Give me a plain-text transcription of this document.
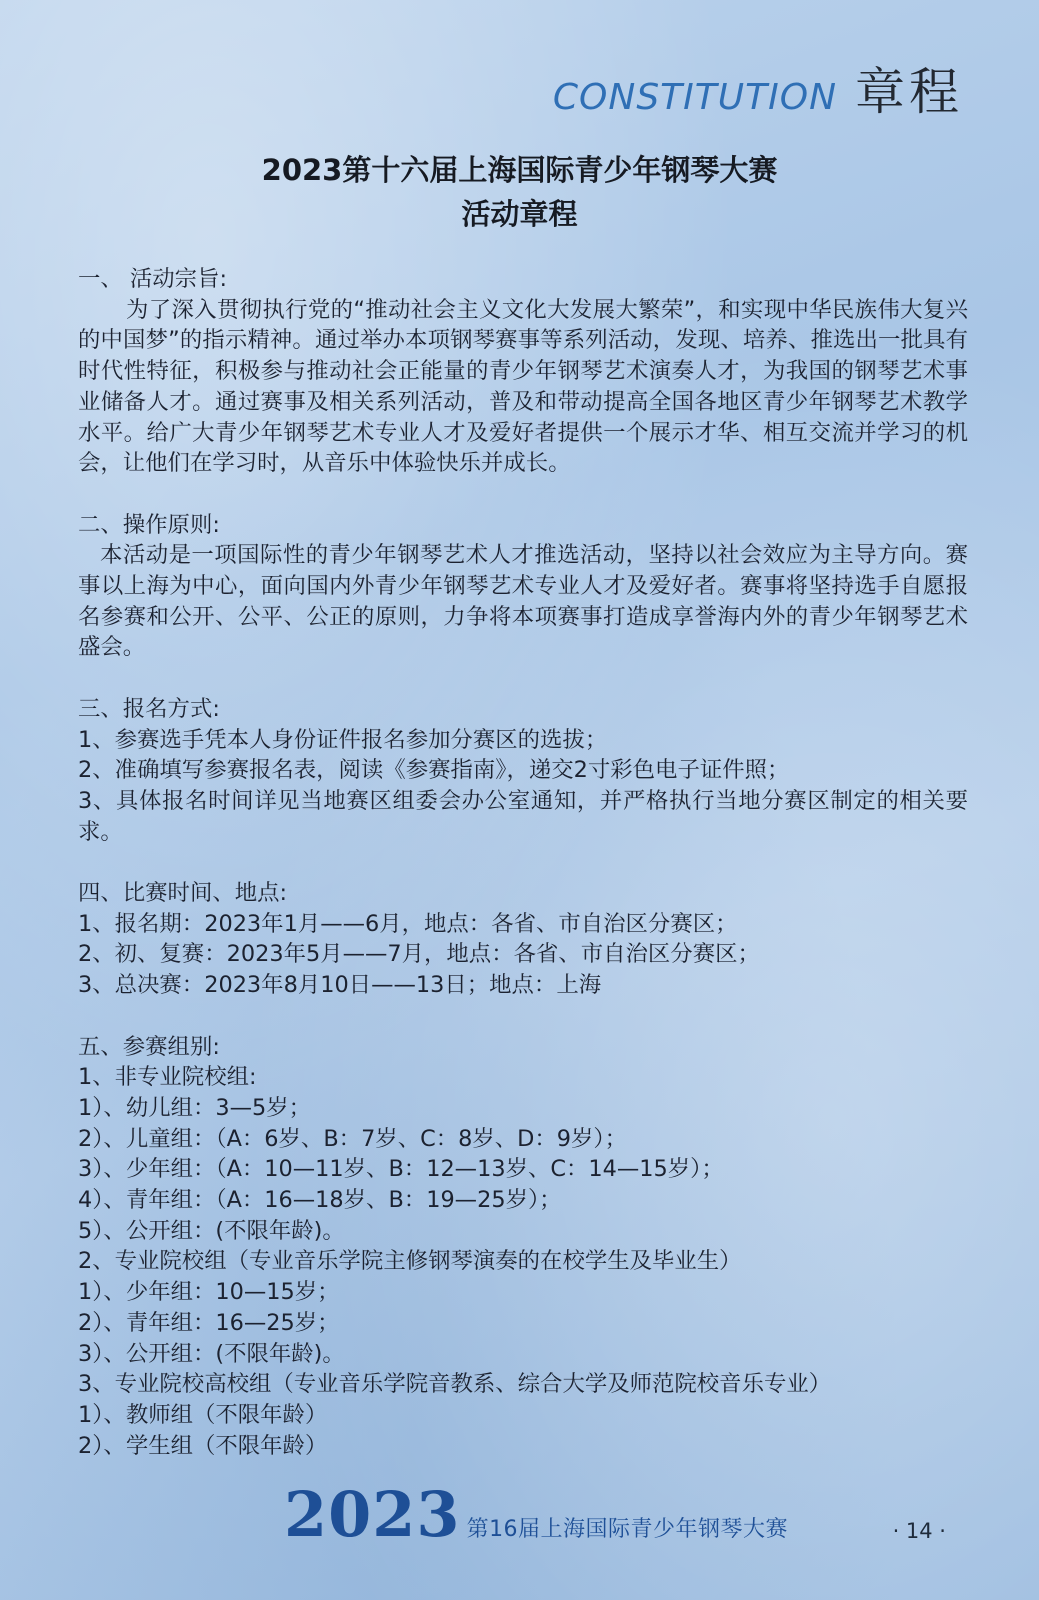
CONSTITUTION 章程
2023第十六届上海国际青少年钢琴大赛
活动章程

一、 活动宗旨:

为了深入贯彻执行党的“推动社会主义文化大发展大繁荣”，和实现中华民族伟大复兴的中国梦”的指示精神。通过举办本项钢琴赛事等系列活动，发现、培养、推选出一批具有时代性特征，积极参与推动社会正能量的青少年钢琴艺术演奏人才，为我国的钢琴艺术事业储备人才。通过赛事及相关系列活动，普及和带动提高全国各地区青少年钢琴艺术教学水平。给广大青少年钢琴艺术专业人才及爱好者提供一个展示才华、相互交流并学习的机会，让他们在学习时，从音乐中体验快乐并成长。

二、操作原则:

本活动是一项国际性的青少年钢琴艺术人才推选活动，坚持以社会效应为主导方向。赛事以上海为中心，面向国内外青少年钢琴艺术专业人才及爱好者。赛事将坚持选手自愿报名参赛和公开、公平、公正的原则，力争将本项赛事打造成享誉海内外的青少年钢琴艺术盛会。

三、报名方式:

1、参赛选手凭本人身份证件报名参加分赛区的选拔；

2、准确填写参赛报名表，阅读《参赛指南》，递交2寸彩色电子证件照；

3、具体报名时间详见当地赛区组委会办公室通知，并严格执行当地分赛区制定的相关要求。

四、比赛时间、地点:

1、报名期：2023年1月——6月，地点：各省、市自治区分赛区；

2、初、复赛：2023年5月——7月，地点：各省、市自治区分赛区；

3、总决赛：2023年8月10日——13日；地点：上海

五、参赛组别:

1、非专业院校组:

1）、幼儿组：3—5岁；

2）、儿童组：（A：6岁、B：7岁、C：8岁、D：9岁）；

3）、少年组：（A：10—11岁、B：12—13岁、C：14—15岁）；

4）、青年组：（A：16—18岁、B：19—25岁）；

5）、公开组：(不限年龄)。

2、专业院校组（专业音乐学院主修钢琴演奏的在校学生及毕业生）

1）、少年组：10—15岁；

2）、青年组：16—25岁；

3）、公开组：(不限年龄)。

3、专业院校高校组（专业音乐学院音教系、综合大学及师范院校音乐专业）

1）、教师组（不限年龄）

2）、学生组（不限年龄）

2023 第16届上海国际青少年钢琴大赛	· 14 ·
